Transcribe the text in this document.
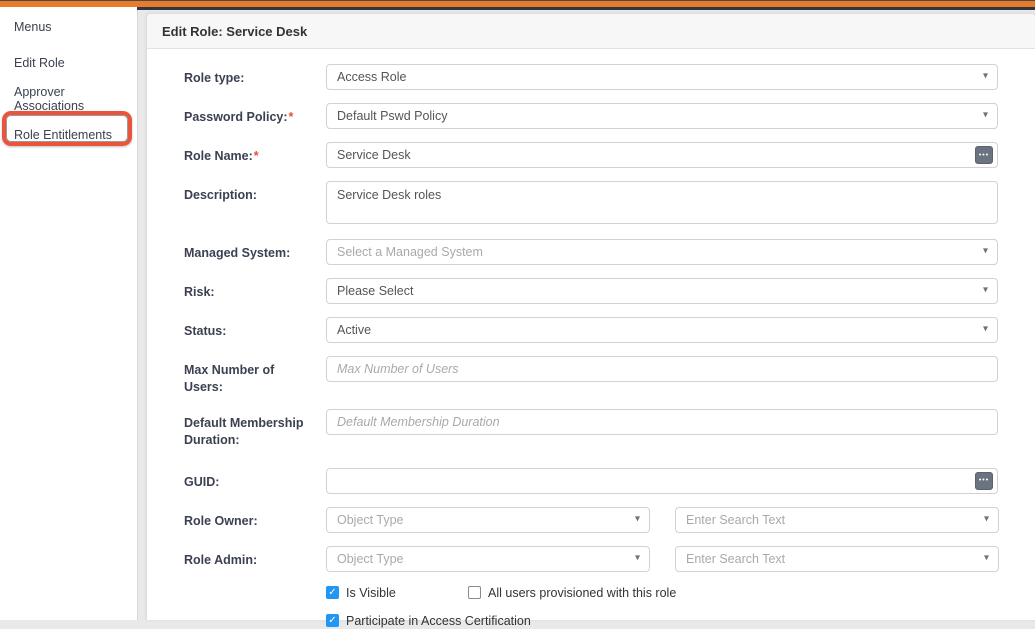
Menus
Edit Role
Approver Associations
Role Entitlements
Edit Role: Service Desk
Role type:	Access Role	▾
Password Policy:*	Default Pswd Policy	▾
Role Name:*	Service Desk	•••
Description:	Service Desk roles
Managed System:	Select a Managed System	▾
Risk:	Please Select	▾
Status:	Active	▾
Max Number of Users:
Max Number of Users
Default Membership Duration:
Default Membership Duration
GUID:	•••
Role Owner:	Object Type	▾	Enter Search Text	▾
Role Admin:	Object Type	▾	Enter Search Text	▾
✓ Is Visible	All users provisioned with this role
✓ Participate in Access Certification
